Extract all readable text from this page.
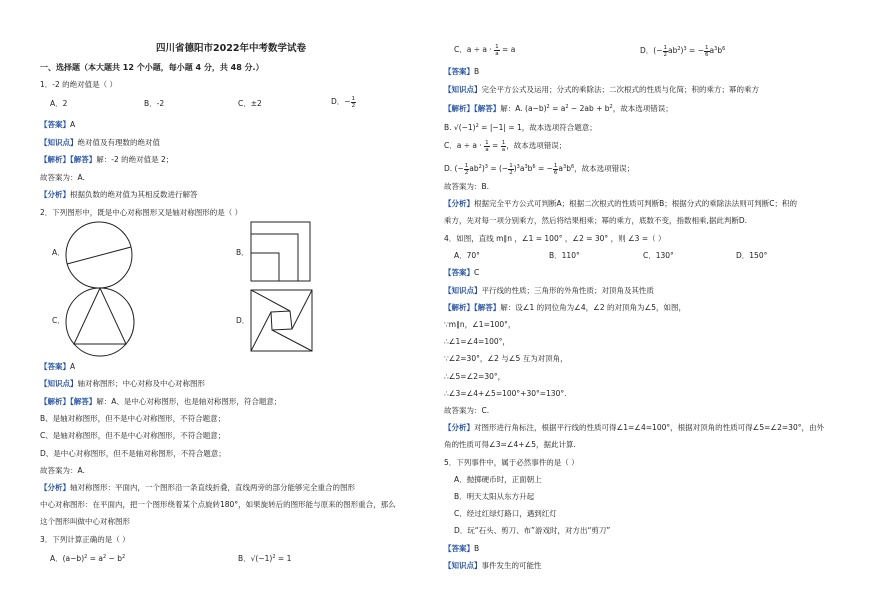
四川省德阳市2022年中考数学试卷
一、选择题（本大题共 12 个小题，每小题 4 分，共 48 分.）
1．-2 的绝对值是（ ）
A．2	B．-2	C．±2	D．− $\frac{1}{2}$
【答案】A
【知识点】绝对值及有理数的绝对值
【解析】【解答】解：-2 的绝对值是 2；
故答案为：A.
【分析】根据负数的绝对值为其相反数进行解答
2．下列图形中，既是中心对称图形又是轴对称图形的是（ ）
A．	B．
C．	D．
【答案】A
【知识点】轴对称图形；中心对称及中心对称图形
【解析】【解答】解：A、是中心对称图形，也是轴对称图形，符合题意；
B、是轴对称图形，但不是中心对称图形，不符合题意；
C、是轴对称图形，但不是中心对称图形，不符合题意；
D、是中心对称图形，但不是轴对称图形，不符合题意；
故答案为：A.
【分析】轴对称图形：平面内，一个图形沿一条直线折叠，直线两旁的部分能够完全重合的图形
中心对称图形：在平面内，把一个图形绕着某个点旋转180°，如果旋转后的图形能与原来的图形重合，那么
这个图形叫做中心对称图形
3．下列计算正确的是（ ）
A．$(a-b)^2 = a^2 - b^2$	B．$√(-1)^2 = 1$
C．$a \div a \cdot \frac{1}{a} = a$	D．(− $\frac{1}{2} ab^2)^3$ = − $\frac{1}{6} a^3b^6$
【答案】B
【知识点】完全平方公式及运用；分式的乘除法；二次根式的性质与化简；积的乘方；幂的乘方
【解析】【解答】解：A. $(a-b)^2 = a^2 - 2ab + b^2$，故本选项错误；
B. $√(-1)^2 = |-1| = 1$，故本选项符合题意；
C．$a \div a \cdot \frac{1}{a} = \frac{1}{a}$ ，故本选项错误；
D. (− $\frac{1}{2} ab^2)^3$ = (− $\frac{1}{2} )^3a^3b^6$ = − $\frac{1}{6} a^3b^6$，故本选项错误；
故答案为：B.
【分析】根据完全平方公式可判断A；根据二次根式的性质可判断B；根据分式的乘除法法则可判断C；积的
乘方，先对每一项分别乘方，然后将结果相乘；幂的乘方，底数不变，指数相乘,据此判断D.
4．如图，直线 m∥n ，∠1 = 100° ，∠2 = 30° ，则 ∠3 =（ ）
A．70°	B．110°	C．130°	D．150°
【答案】C
【知识点】平行线的性质；三角形的外角性质；对顶角及其性质
【解析】【解答】解：设∠1 的同位角为∠4，∠2 的对顶角为∠5，如图，
∵m∥n，∠1=100°，
∴∠1=∠4=100°，
∵∠2=30°，∠2 与∠5 互为对顶角，
∴∠5=∠2=30°，
∴∠3=∠4+∠5=100°+30°=130°.
故答案为：C.
【分析】对图形进行角标注，根据平行线的性质可得∠1=∠4=100°，根据对顶角的性质可得∠5=∠2=30°，由外
角的性质可得∠3=∠4+∠5，据此计算.
5．下列事件中，属于必然事件的是（ ）
A．抛掷硬币时，正面朝上
B．明天太阳从东方升起
C．经过红绿灯路口，遇到红灯
D．玩“石头、剪刀、布”游戏时，对方出“剪刀”
【答案】B
【知识点】事件发生的可能性
